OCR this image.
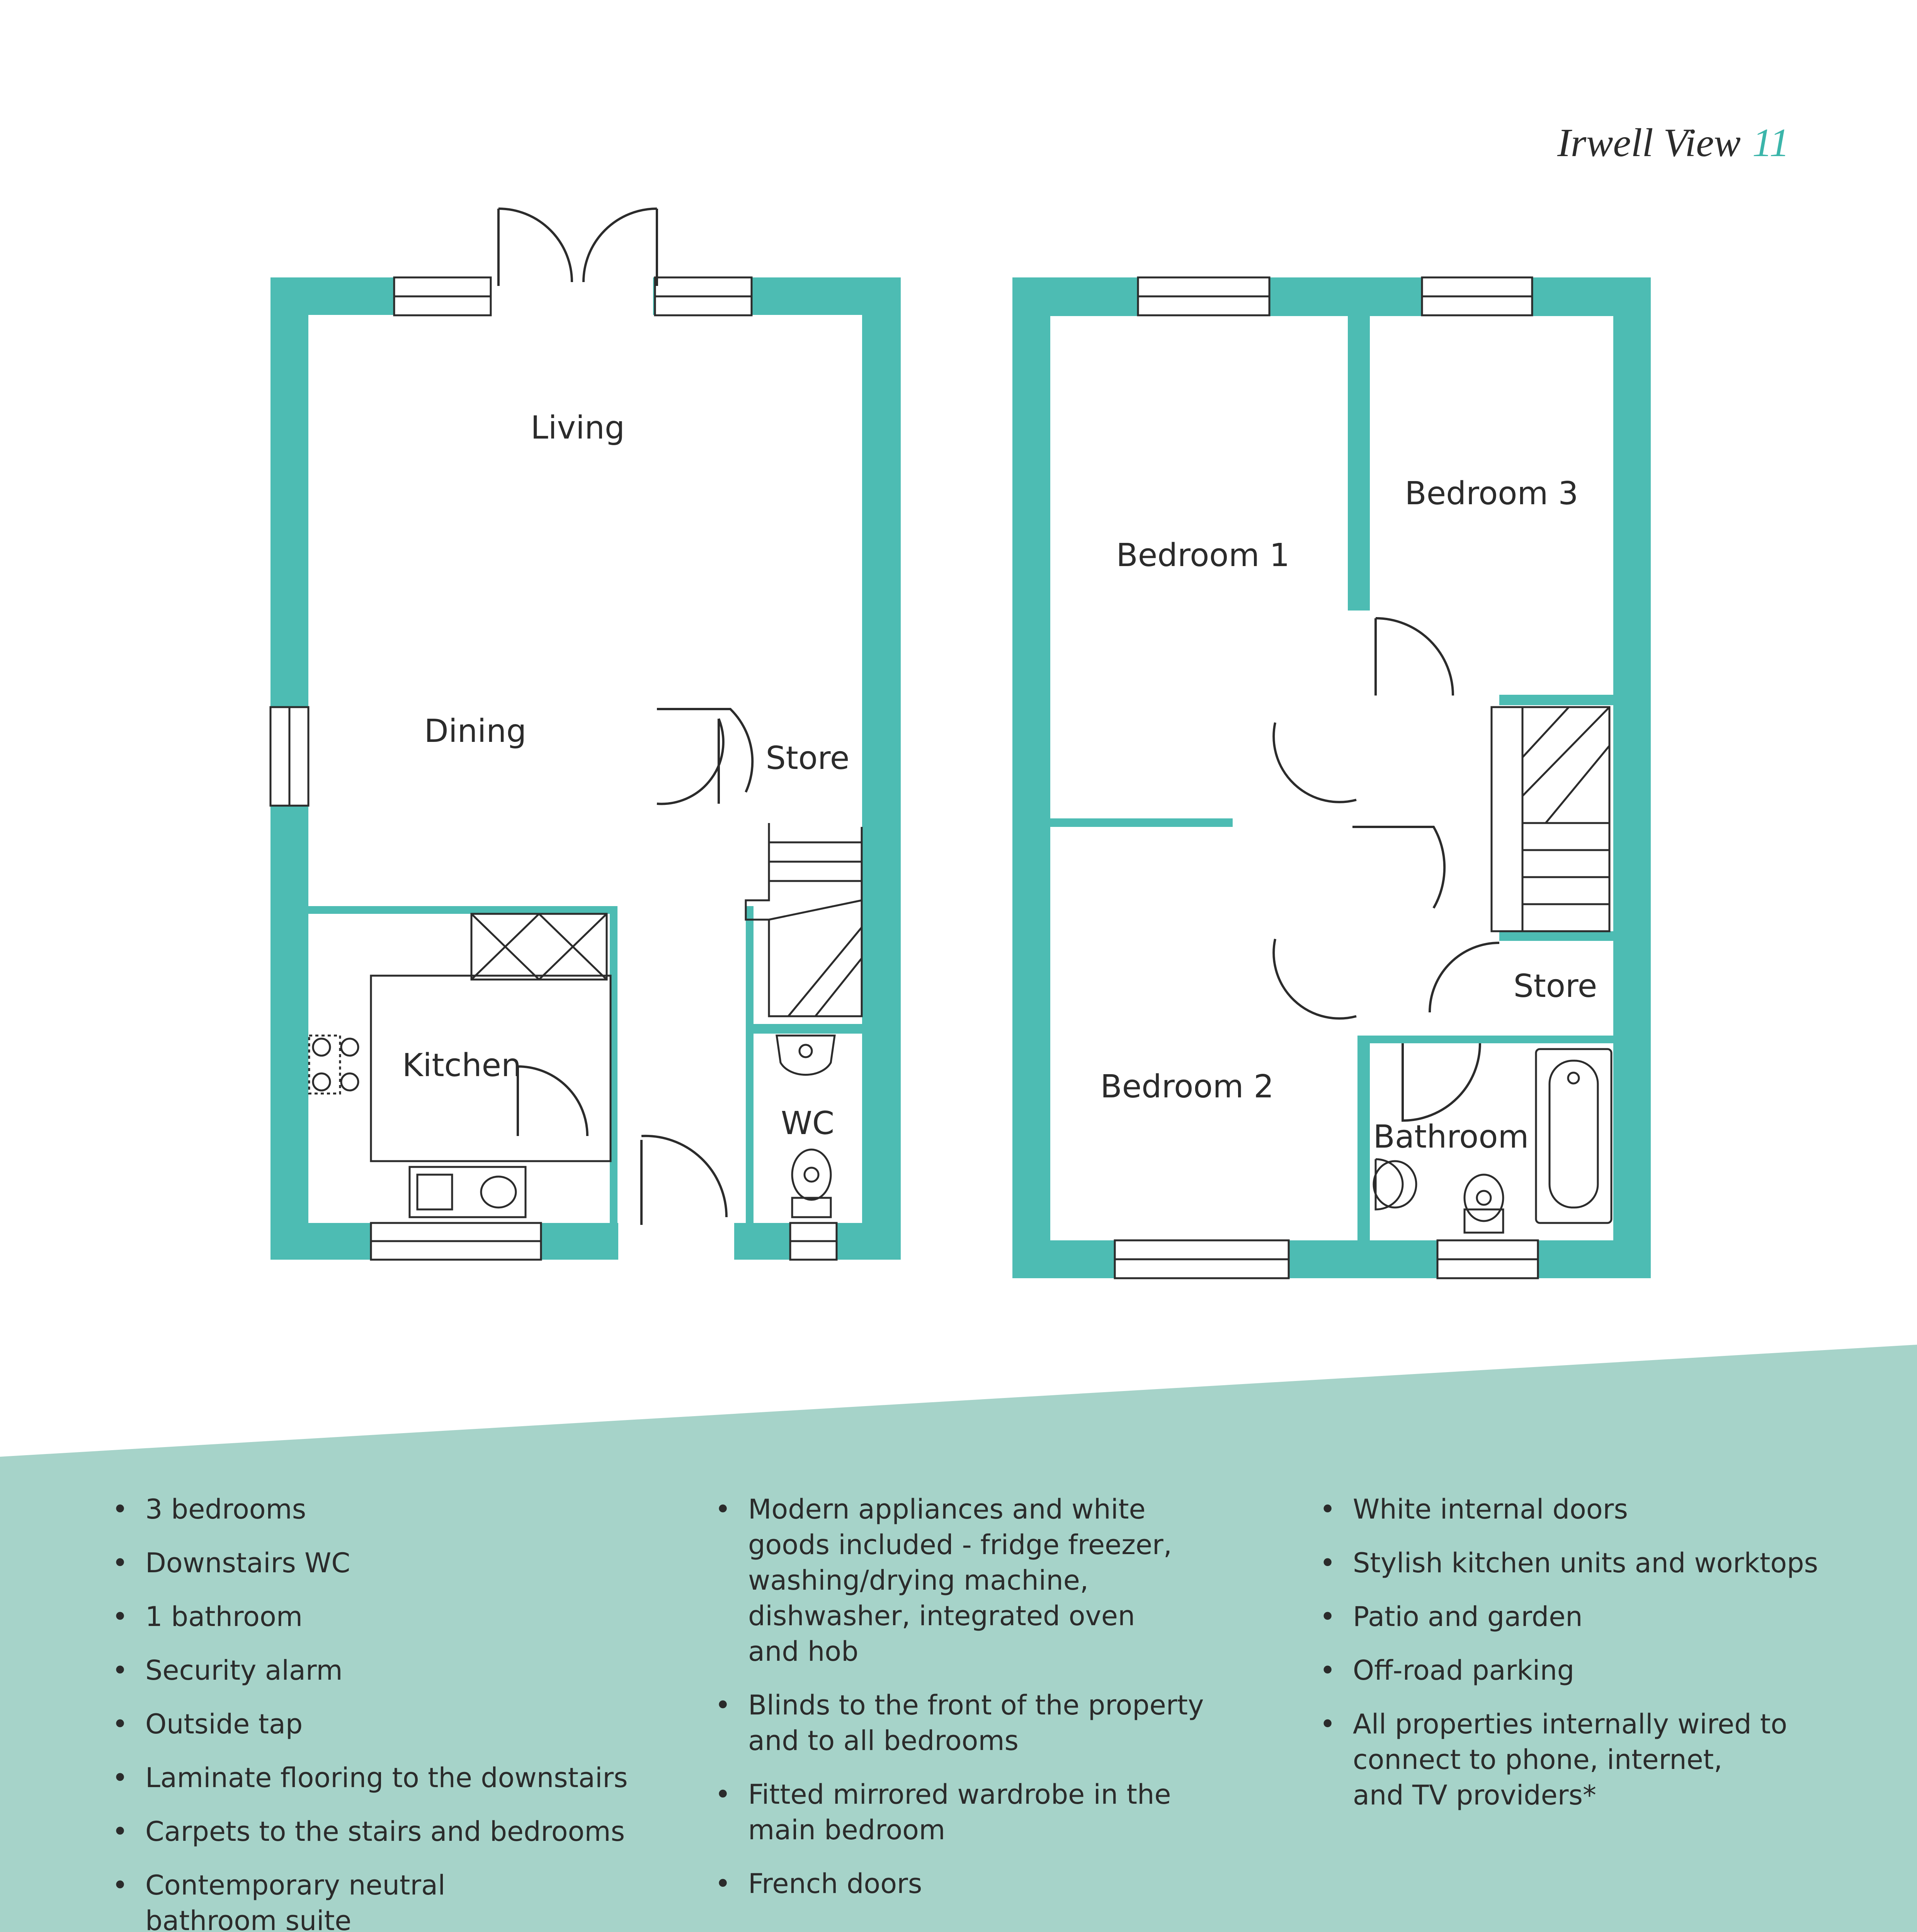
Irwell View 11
Living
Dining
Store
Kitchen
WC
Bedroom 1
Bedroom 3
Store
Bedroom 2
Bathroom
• 3 bedrooms
• Downstairs WC
• 1 bathroom
• Security alarm
• Outside tap
• Laminate flooring to the downstairs
• Carpets to the stairs and bedrooms
• Contemporary neutral
bathroom suite
• Modern appliances and white
goods included - fridge freezer,
washing/drying machine,
dishwasher, integrated oven
and hob
• Blinds to the front of the property
and to all bedrooms
• Fitted mirrored wardrobe in the
main bedroom
• French doors
• White internal doors
• Stylish kitchen units and worktops
• Patio and garden
• Off-road parking
• All properties internally wired to
connect to phone, internet,
and TV providers*
